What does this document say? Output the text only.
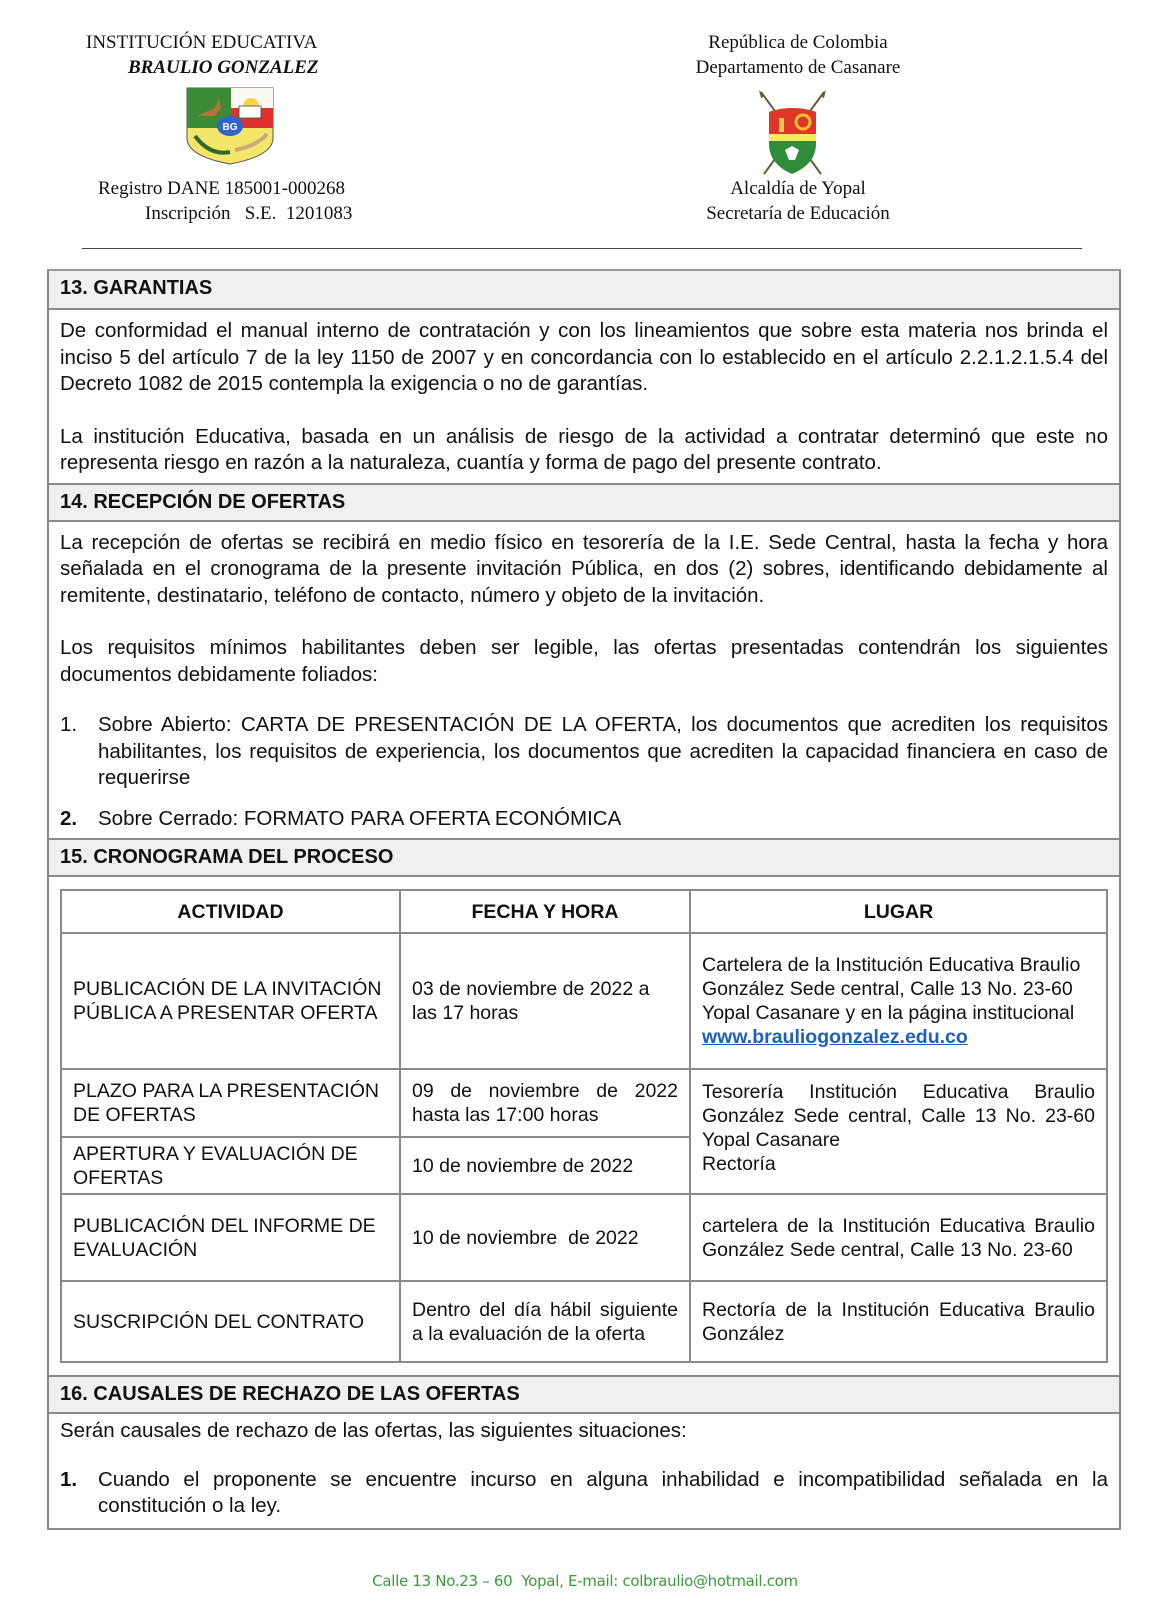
INSTITUCIÓN EDUCATIVA
BRAULIO GONZALEZ
Registro DANE 185001-000268
Inscripción   S.E.  1201083
BG
República de Colombia
Departamento de Casanare
Alcaldía de Yopal
Secretaría de Educación
13. GARANTIAS

De conformidad el manual interno de contratación y con los lineamientos que sobre esta materia nos brinda el inciso 5 del artículo 7 de la ley 1150 de 2007 y en concordancia con lo establecido en el artículo 2.2.1.2.1.5.4 del Decreto 1082 de 2015 contempla la exigencia o no de garantías.

La institución Educativa, basada en un análisis de riesgo de la actividad a contratar determinó que este no representa riesgo en razón a la naturaleza, cuantía y forma de pago del presente contrato.

14. RECEPCIÓN DE OFERTAS

La recepción de ofertas se recibirá en medio físico en tesorería de la I.E. Sede Central, hasta la fecha y hora señalada en el cronograma de la presente invitación Pública, en dos (2) sobres, identificando debidamente al remitente, destinatario, teléfono de contacto, número y objeto de la invitación.

Los requisitos mínimos habilitantes deben ser legible, las ofertas presentadas contendrán los siguientes documentos debidamente foliados:

1. Sobre Abierto: CARTA DE PRESENTACIÓN DE LA OFERTA, los documentos que acrediten los requisitos habilitantes, los requisitos de experiencia, los documentos que acrediten la capacidad financiera en caso de requerirse
2. Sobre Cerrado: FORMATO PARA OFERTA ECONÓMICA
15. CRONOGRAMA DEL PROCESO
ACTIVIDAD	FECHA Y HORA	LUGAR
PUBLICACIÓN DE LA INVITACIÓN PÚBLICA A PRESENTAR OFERTA	03 de noviembre de 2022 a las 17 horas	Cartelera de la Institución Educativa Braulio González Sede central, Calle 13 No. 23-60 Yopal Casanare y en la página institucional
www.brauliogonzalez.edu.co
PLAZO PARA LA PRESENTACIÓN DE OFERTAS	09 de noviembre de 2022 hasta las 17:00 horas	Tesorería Institución Educativa Braulio González Sede central, Calle 13 No. 23-60 Yopal Casanare
Rectoría

APERTURA Y EVALUACIÓN DE OFERTAS	10 de noviembre de 2022	
PUBLICACIÓN DEL INFORME DE EVALUACIÓN	10 de noviembre  de 2022	cartelera de la Institución Educativa Braulio González Sede central, Calle 13 No. 23-60
SUSCRIPCIÓN DEL CONTRATO	Dentro del día hábil siguiente a la evaluación de la oferta	Rectoría de la Institución Educativa Braulio González
16. CAUSALES DE RECHAZO DE LAS OFERTAS

Serán causales de rechazo de las ofertas, las siguientes situaciones:

1. Cuando el proponente se encuentre incurso en alguna inhabilidad e incompatibilidad señalada en la constitución o la ley.
Calle 13 No.23 – 60  Yopal, E-mail: colbraulio@hotmail.com
